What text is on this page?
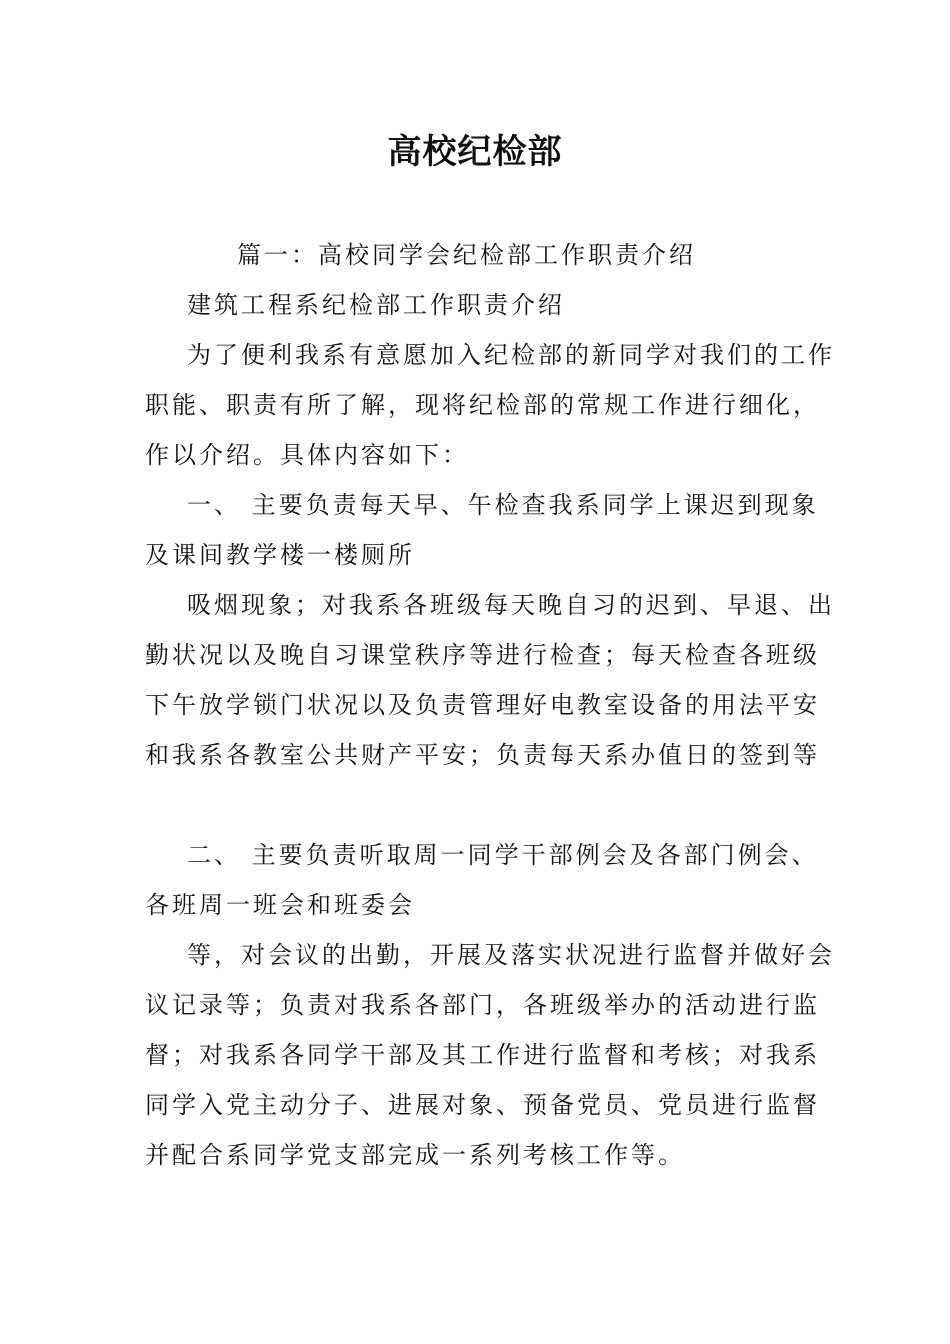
高校纪检部
篇一：高校同学会纪检部工作职责介绍
建筑工程系纪检部工作职责介绍
为了便利我系有意愿加入纪检部的新同学对我们的工作
职能、职责有所了解，现将纪检部的常规工作进行细化，
作以介绍。具体内容如下：
一、 主要负责每天早、午检查我系同学上课迟到现象
及课间教学楼一楼厕所
吸烟现象；对我系各班级每天晚自习的迟到、早退、出
勤状况以及晚自习课堂秩序等进行检查；每天检查各班级
下午放学锁门状况以及负责管理好电教室设备的用法平安
和我系各教室公共财产平安；负责每天系办值日的签到等
二、 主要负责听取周一同学干部例会及各部门例会、
各班周一班会和班委会
等，对会议的出勤，开展及落实状况进行监督并做好会
议记录等；负责对我系各部门，各班级举办的活动进行监
督；对我系各同学干部及其工作进行监督和考核；对我系
同学入党主动分子、进展对象、预备党员、党员进行监督
并配合系同学党支部完成一系列考核工作等。
